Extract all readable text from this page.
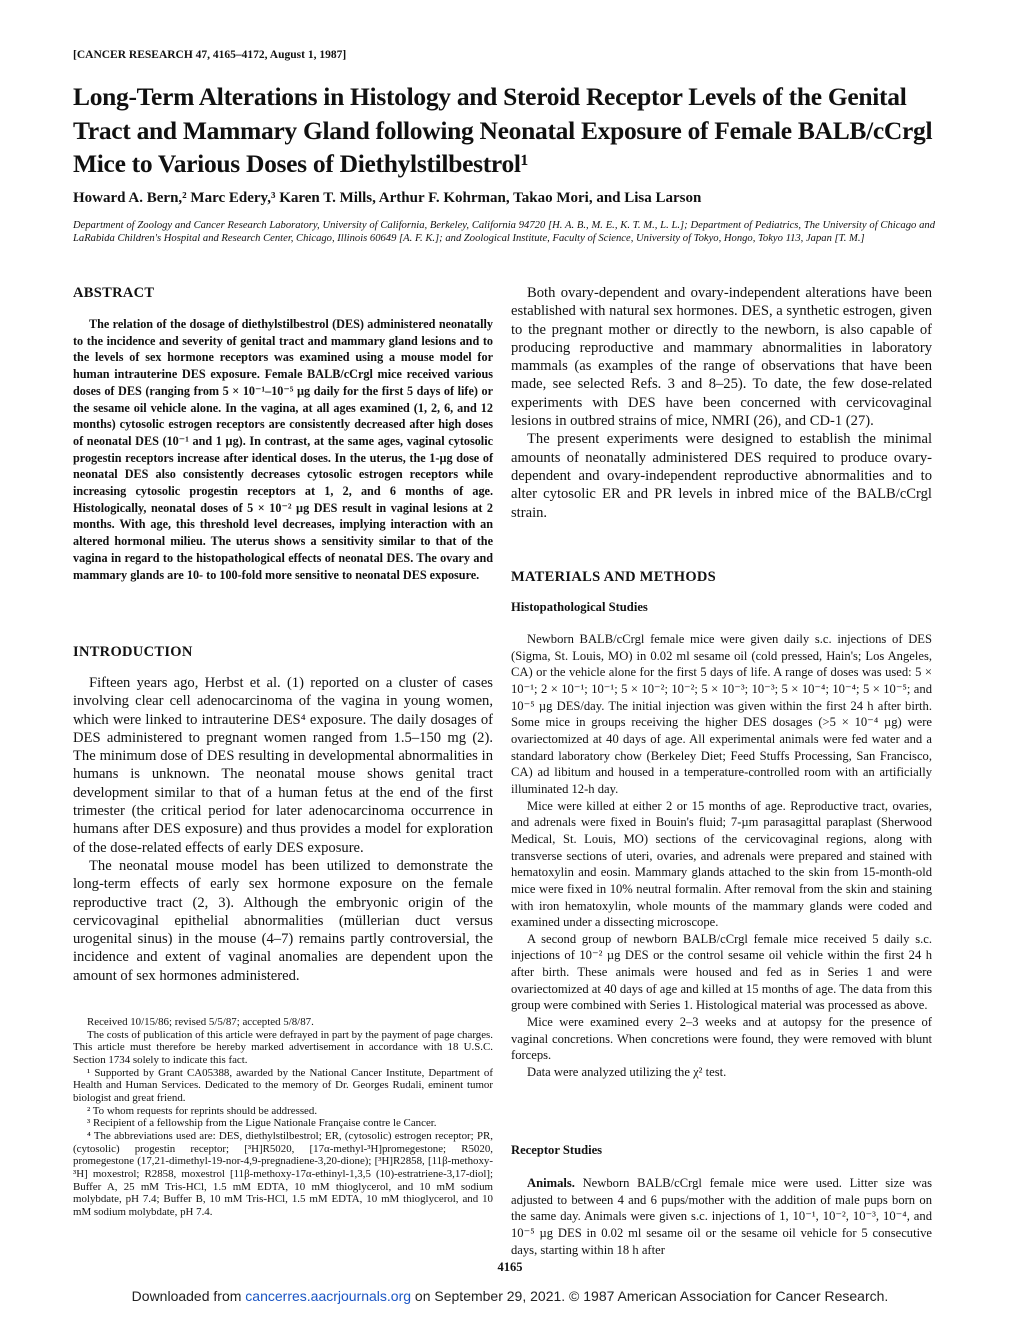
[CANCER RESEARCH 47, 4165–4172, August 1, 1987]
Long-Term Alterations in Histology and Steroid Receptor Levels of the Genital Tract and Mammary Gland following Neonatal Exposure of Female BALB/cCrgl Mice to Various Doses of Diethylstilbestrol¹
Howard A. Bern,² Marc Edery,³ Karen T. Mills, Arthur F. Kohrman, Takao Mori, and Lisa Larson
Department of Zoology and Cancer Research Laboratory, University of California, Berkeley, California 94720 [H. A. B., M. E., K. T. M., L. L.]; Department of Pediatrics, The University of Chicago and LaRabida Children's Hospital and Research Center, Chicago, Illinois 60649 [A. F. K.]; and Zoological Institute, Faculty of Science, University of Tokyo, Hongo, Tokyo 113, Japan [T. M.]
ABSTRACT

The relation of the dosage of diethylstilbestrol (DES) administered neonatally to the incidence and severity of genital tract and mammary gland lesions and to the levels of sex hormone receptors was examined using a mouse model for human intrauterine DES exposure. Female BALB/cCrgl mice received various doses of DES (ranging from 5 × 10⁻¹–10⁻⁵ µg daily for the first 5 days of life) or the sesame oil vehicle alone. In the vagina, at all ages examined (1, 2, 6, and 12 months) cytosolic estrogen receptors are consistently decreased after high doses of neonatal DES (10⁻¹ and 1 µg). In contrast, at the same ages, vaginal cytosolic progestin receptors increase after identical doses. In the uterus, the 1-µg dose of neonatal DES also consistently decreases cytosolic estrogen receptors while increasing cytosolic progestin receptors at 1, 2, and 6 months of age. Histologically, neonatal doses of 5 × 10⁻² µg DES result in vaginal lesions at 2 months. With age, this threshold level decreases, implying interaction with an altered hormonal milieu. The uterus shows a sensitivity similar to that of the vagina in regard to the histopathological effects of neonatal DES. The ovary and mammary glands are 10- to 100-fold more sensitive to neonatal DES exposure.

INTRODUCTION

Fifteen years ago, Herbst et al. (1) reported on a cluster of cases involving clear cell adenocarcinoma of the vagina in young women, which were linked to intrauterine DES⁴ exposure. The daily dosages of DES administered to pregnant women ranged from 1.5–150 mg (2). The minimum dose of DES resulting in developmental abnormalities in humans is unknown. The neonatal mouse shows genital tract development similar to that of a human fetus at the end of the first trimester (the critical period for later adenocarcinoma occurrence in humans after DES exposure) and thus provides a model for exploration of the dose-related effects of early DES exposure.

The neonatal mouse model has been utilized to demonstrate the long-term effects of early sex hormone exposure on the female reproductive tract (2, 3). Although the embryonic origin of the cervicovaginal epithelial abnormalities (müllerian duct versus urogenital sinus) in the mouse (4–7) remains partly controversial, the incidence and extent of vaginal anomalies are dependent upon the amount of sex hormones administered.

Received 10/15/86; revised 5/5/87; accepted 5/8/87.

The costs of publication of this article were defrayed in part by the payment of page charges. This article must therefore be hereby marked advertisement in accordance with 18 U.S.C. Section 1734 solely to indicate this fact.

¹ Supported by Grant CA05388, awarded by the National Cancer Institute, Department of Health and Human Services. Dedicated to the memory of Dr. Georges Rudali, eminent tumor biologist and great friend.

² To whom requests for reprints should be addressed.

³ Recipient of a fellowship from the Ligue Nationale Française contre le Cancer.

⁴ The abbreviations used are: DES, diethylstilbestrol; ER, (cytosolic) estrogen receptor; PR, (cytosolic) progestin receptor; [³H]R5020, [17α-methyl-³H]promegestone; R5020, promegestone (17,21-dimethyl-19-nor-4,9-pregnadiene-3,20-dione); [³H]R2858, [11β-methoxy-³H] moxestrol; R2858, moxestrol [11β-methoxy-17α-ethinyl-1,3,5 (10)-estratriene-3,17-diol]; Buffer A, 25 mM Tris-HCl, 1.5 mM EDTA, 10 mM thioglycerol, and 10 mM sodium molybdate, pH 7.4; Buffer B, 10 mM Tris-HCl, 1.5 mM EDTA, 10 mM thioglycerol, and 10 mM sodium molybdate, pH 7.4.

Both ovary-dependent and ovary-independent alterations have been established with natural sex hormones. DES, a synthetic estrogen, given to the pregnant mother or directly to the newborn, is also capable of producing reproductive and mammary abnormalities in laboratory mammals (as examples of the range of observations that have been made, see selected Refs. 3 and 8–25). To date, the few dose-related experiments with DES have been concerned with cervicovaginal lesions in outbred strains of mice, NMRI (26), and CD-1 (27).

The present experiments were designed to establish the minimal amounts of neonatally administered DES required to produce ovary-dependent and ovary-independent reproductive abnormalities and to alter cytosolic ER and PR levels in inbred mice of the BALB/cCrgl strain.

MATERIALS AND METHODS
Histopathological Studies

Newborn BALB/cCrgl female mice were given daily s.c. injections of DES (Sigma, St. Louis, MO) in 0.02 ml sesame oil (cold pressed, Hain's; Los Angeles, CA) or the vehicle alone for the first 5 days of life. A range of doses was used: 5 × 10⁻¹; 2 × 10⁻¹; 10⁻¹; 5 × 10⁻²; 10⁻²; 5 × 10⁻³; 10⁻³; 5 × 10⁻⁴; 10⁻⁴; 5 × 10⁻⁵; and 10⁻⁵ µg DES/day. The initial injection was given within the first 24 h after birth. Some mice in groups receiving the higher DES dosages (>5 × 10⁻⁴ µg) were ovariectomized at 40 days of age. All experimental animals were fed water and a standard laboratory chow (Berkeley Diet; Feed Stuffs Processing, San Francisco, CA) ad libitum and housed in a temperature-controlled room with an artificially illuminated 12-h day.

Mice were killed at either 2 or 15 months of age. Reproductive tract, ovaries, and adrenals were fixed in Bouin's fluid; 7-µm parasagittal paraplast (Sherwood Medical, St. Louis, MO) sections of the cervicovaginal regions, along with transverse sections of uteri, ovaries, and adrenals were prepared and stained with hematoxylin and eosin. Mammary glands attached to the skin from 15-month-old mice were fixed in 10% neutral formalin. After removal from the skin and staining with iron hematoxylin, whole mounts of the mammary glands were coded and examined under a dissecting microscope.

A second group of newborn BALB/cCrgl female mice received 5 daily s.c. injections of 10⁻² µg DES or the control sesame oil vehicle within the first 24 h after birth. These animals were housed and fed as in Series 1 and were ovariectomized at 40 days of age and killed at 15 months of age. The data from this group were combined with Series 1. Histological material was processed as above.

Mice were examined every 2–3 weeks and at autopsy for the presence of vaginal concretions. When concretions were found, they were removed with blunt forceps.

Data were analyzed utilizing the χ² test.

Receptor Studies

Animals. Newborn BALB/cCrgl female mice were used. Litter size was adjusted to between 4 and 6 pups/mother with the addition of male pups born on the same day. Animals were given s.c. injections of 1, 10⁻¹, 10⁻², 10⁻³, 10⁻⁴, and 10⁻⁵ µg DES in 0.02 ml sesame oil or the sesame oil vehicle for 5 consecutive days, starting within 18 h after

4165
Downloaded from cancerres.aacrjournals.org on September 29, 2021. © 1987 American Association for Cancer Research.
